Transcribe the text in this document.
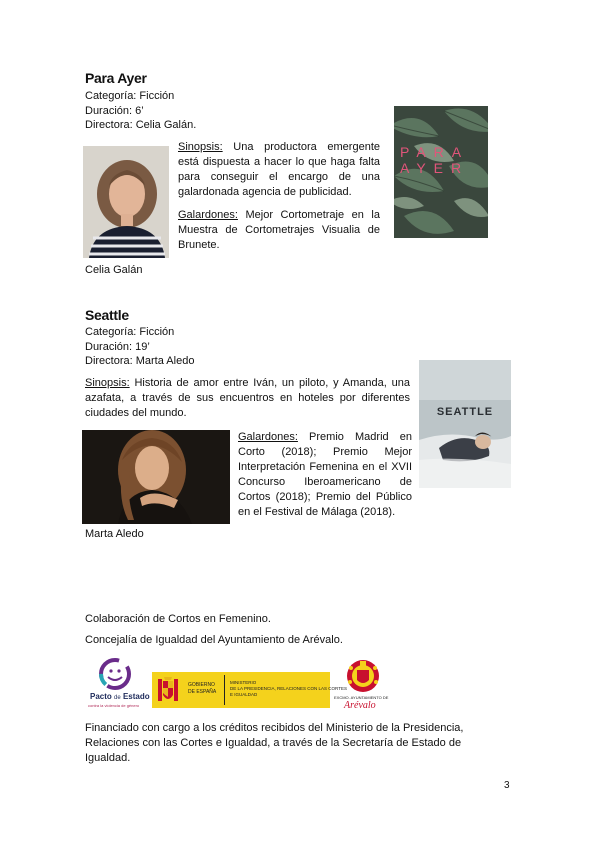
Para Ayer
Categoría: Ficción
Duración: 6’
Directora: Celia Galán.
Celia Galán
Sinopsis: Una productora emergente está dispuesta a hacer lo que haga falta para conseguir el encargo de una galardonada agencia de publicidad.
Galardones: Mejor Cortometraje en la Muestra de Cortometrajes Visualia de Brunete.
PARA
AYER
Seattle
Categoría: Ficción
Duración: 19’
Directora: Marta Aledo
Sinopsis: Historia de amor entre Iván, un piloto, y Amanda, una azafata, a través de sus encuentros en hoteles por diferentes ciudades del mundo.
Marta Aledo
Galardones: Premio Madrid en Corto (2018); Premio Mejor Interpretación Femenina en el XVII Concurso Iberoamericano de Cortos (2018); Premio del Público en el Festival de Málaga (2018).
SEATTLE
Colaboración de Cortos en Femenino.
Concejalía de Igualdad del Ayuntamiento de Arévalo.
Pacto de Estado
contra la violencia de género
GOBIERNO
DE ESPAÑA
MINISTERIO
DE LA PRESIDENCIA, RELACIONES CON LAS CORTES
E IGUALDAD
EXCMO. AYUNTAMIENTO DE
Arévalo
Financiado con cargo a los créditos recibidos del Ministerio de la Presidencia, Relaciones con las Cortes e Igualdad, a través de la Secretaría de Estado de Igualdad.
3
